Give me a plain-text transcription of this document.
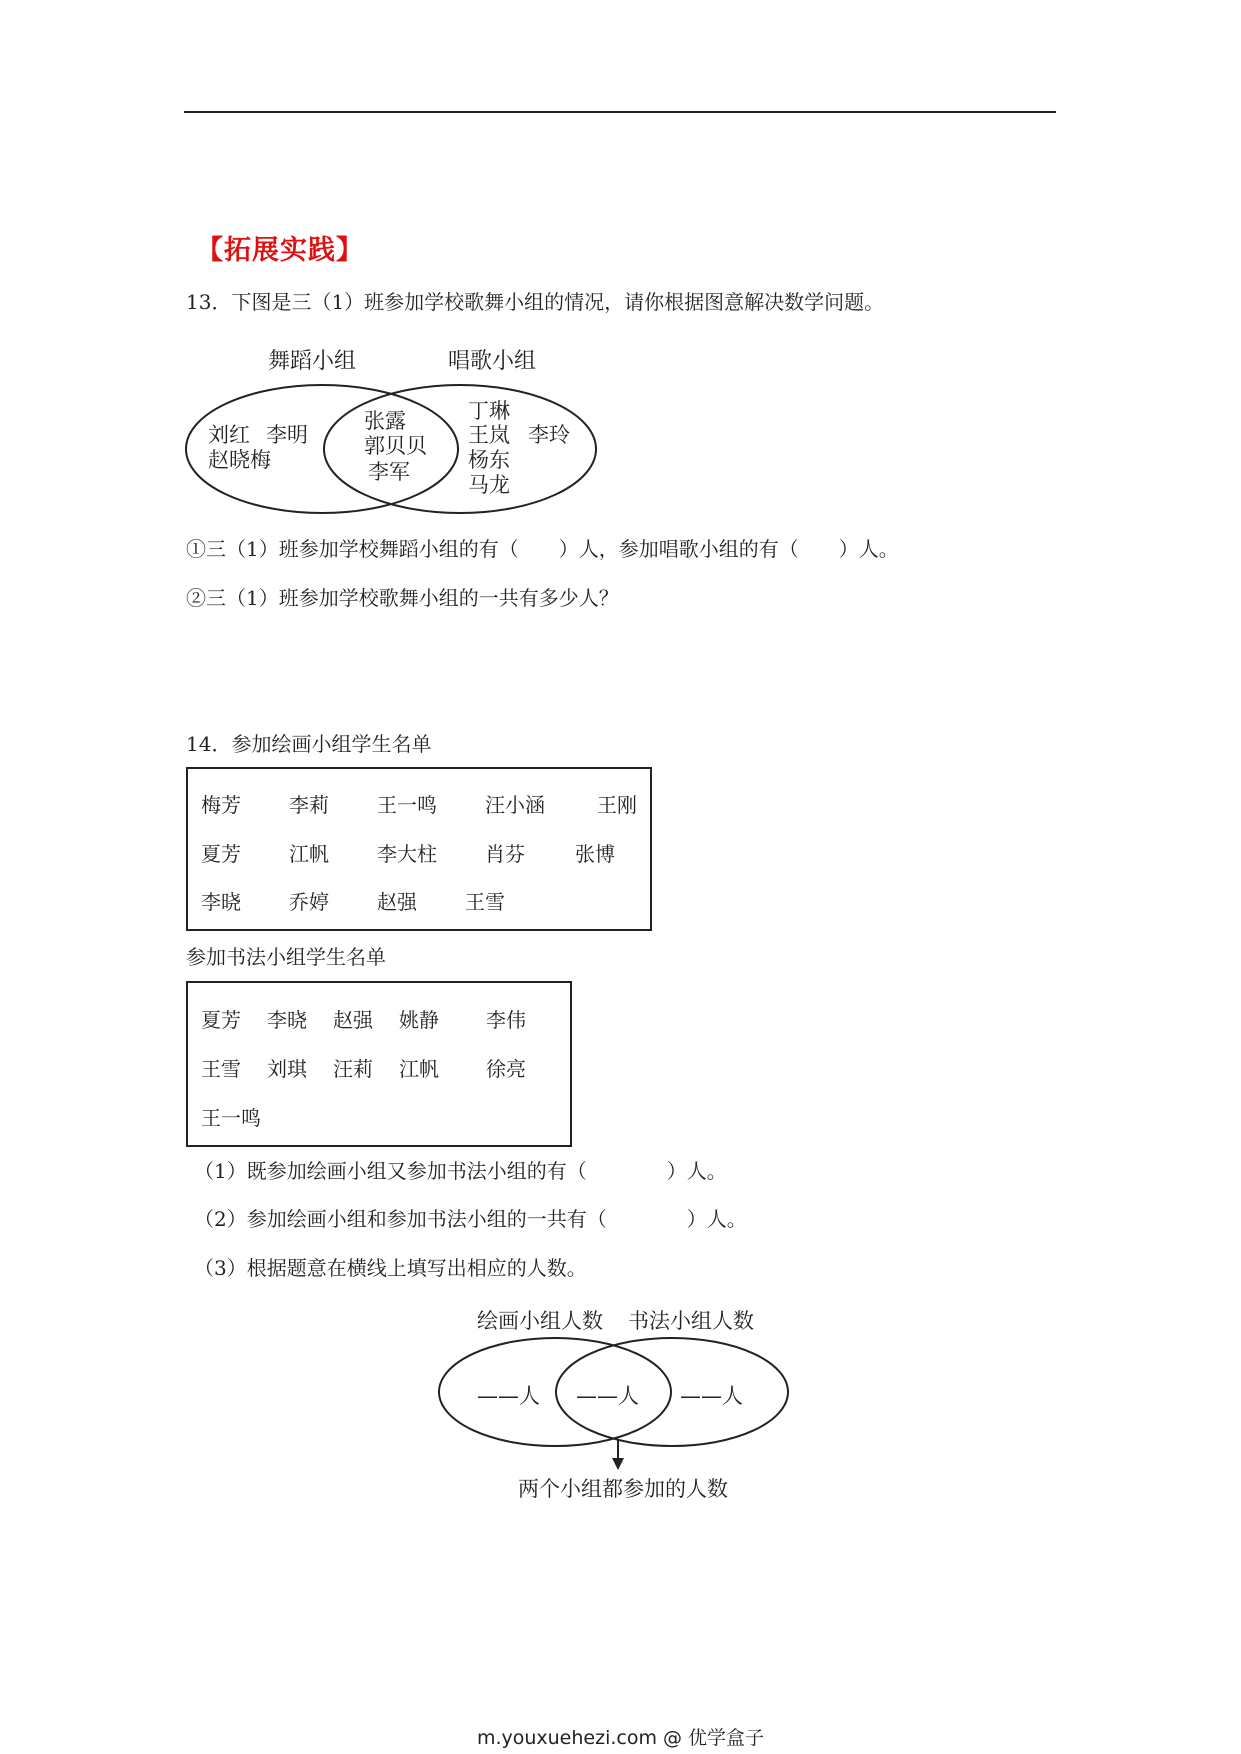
【拓展实践】
13．下图是三（1）班参加学校歌舞小组的情况，请你根据图意解决数学问题。
舞蹈小组	唱歌小组
刘红 李明
赵晓梅
张露
郭贝贝
李军
丁琳
王岚 李玲
杨东
马龙
①三（1）班参加学校舞蹈小组的有（　　）人，参加唱歌小组的有（　　）人。
②三（1）班参加学校歌舞小组的一共有多少人？
14．参加绘画小组学生名单
梅芳 李莉 王一鸣 汪小涵	王刚
夏芳 江帆 李大柱 肖芬	张博
李晓 乔婷 赵强 王雪
参加书法小组学生名单
夏芳 李晓 赵强 姚静 李伟
王雪 刘琪 汪莉 江帆 徐亮
王一鸣
（1）既参加绘画小组又参加书法小组的有（　　　　）人。
（2）参加绘画小组和参加书法小组的一共有（　　　　）人。
（3）根据题意在横线上填写出相应的人数。
绘画小组人数 书法小组人数
——人 ——人 ——人
两个小组都参加的人数
m.youxuehezi.com @ 优学盒子
